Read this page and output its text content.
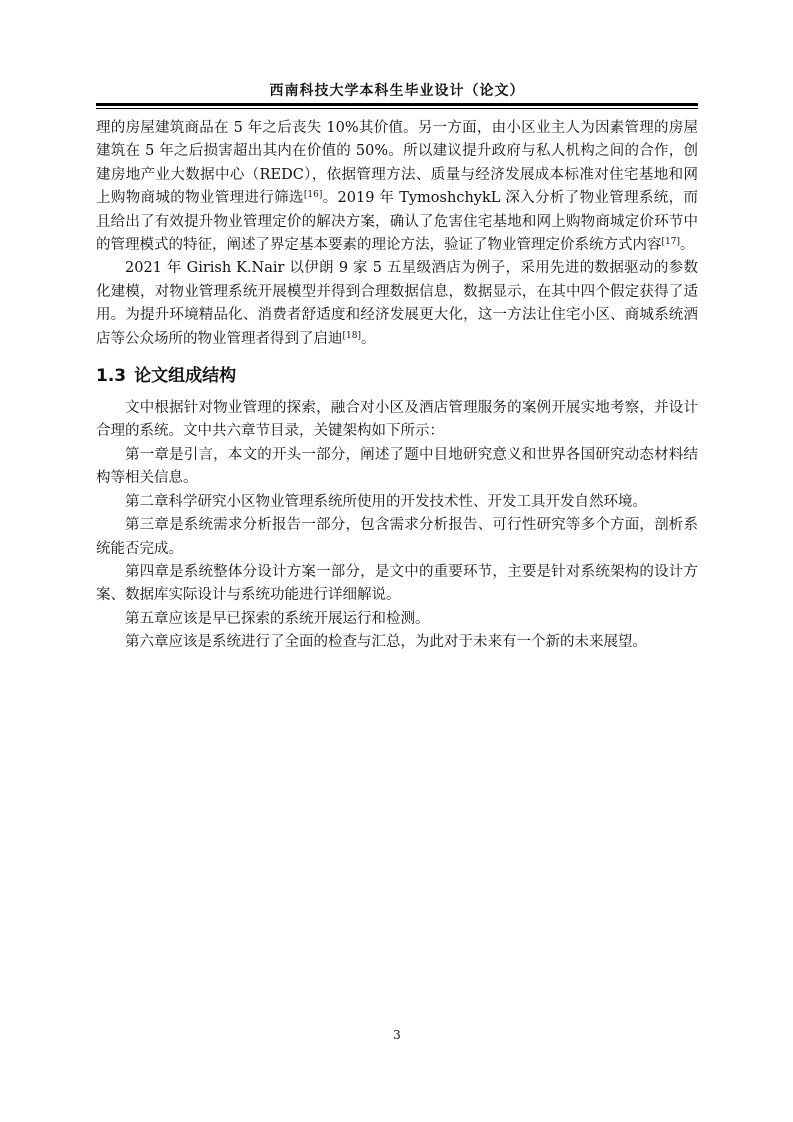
西南科技大学本科生毕业设计（论文）

理的房屋建筑商品在 5 年之后丧失 10%其价值。另一方面，由小区业主人为因素管理的房屋建筑在 5 年之后损害超出其内在价值的 50%。所以建议提升政府与私人机构之间的合作，创建房地产业大数据中心（REDC），依据管理方法、质量与经济发展成本标准对住宅基地和网上购物商城的物业管理进行筛选[16]。2019 年 TymoshchykL 深入分析了物业管理系统，而且给出了有效提升物业管理定价的解决方案，确认了危害住宅基地和网上购物商城定价环节中的管理模式的特征，阐述了界定基本要素的理论方法，验证了物业管理定价系统方式内容[17]。

2021 年 Girish K.Nair 以伊朗 9 家 5 五星级酒店为例子，采用先进的数据驱动的参数化建模，对物业管理系统开展模型并得到合理数据信息，数据显示，在其中四个假定获得了适用。为提升环境精品化、消费者舒适度和经济发展更大化，这一方法让住宅小区、商城系统酒店等公众场所的物业管理者得到了启迪[18]。

1.3 论文组成结构

文中根据针对物业管理的探索，融合对小区及酒店管理服务的案例开展实地考察，并设计合理的系统。文中共六章节目录，关键架构如下所示：

第一章是引言，本文的开头一部分，阐述了题中目地研究意义和世界各国研究动态材料结构等相关信息。

第二章科学研究小区物业管理系统所使用的开发技术性、开发工具开发自然环境。

第三章是系统需求分析报告一部分，包含需求分析报告、可行性研究等多个方面，剖析系统能否完成。

第四章是系统整体分设计方案一部分，是文中的重要环节，主要是针对系统架构的设计方案、数据库实际设计与系统功能进行详细解说。

第五章应该是早已探索的系统开展运行和检测。

第六章应该是系统进行了全面的检查与汇总，为此对于未来有一个新的未来展望。

3
